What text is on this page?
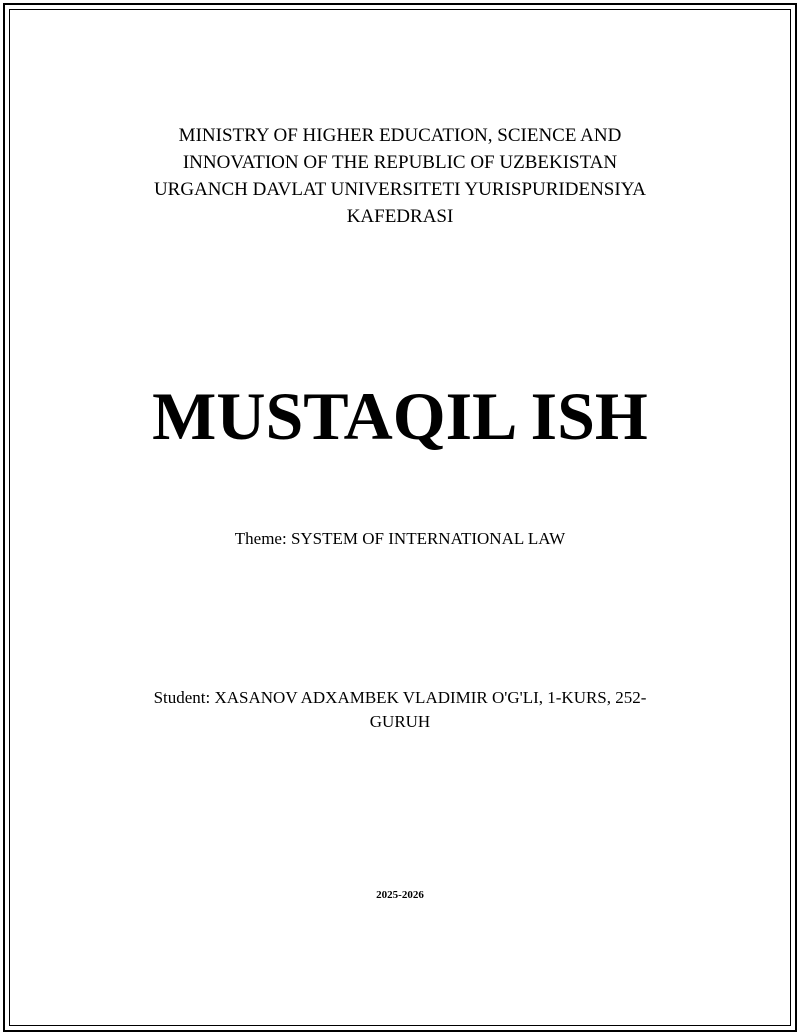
MINISTRY OF HIGHER EDUCATION, SCIENCE AND
INNOVATION OF THE REPUBLIC OF UZBEKISTAN
URGANCH DAVLAT UNIVERSITETI YURISPURIDENSIYA
KAFEDRASI
MUSTAQIL ISH
Theme: SYSTEM OF INTERNATIONAL LAW
Student: XASANOV ADXAMBEK VLADIMIR O'G'LI, 1-KURS, 252-
GURUH
2025-2026
